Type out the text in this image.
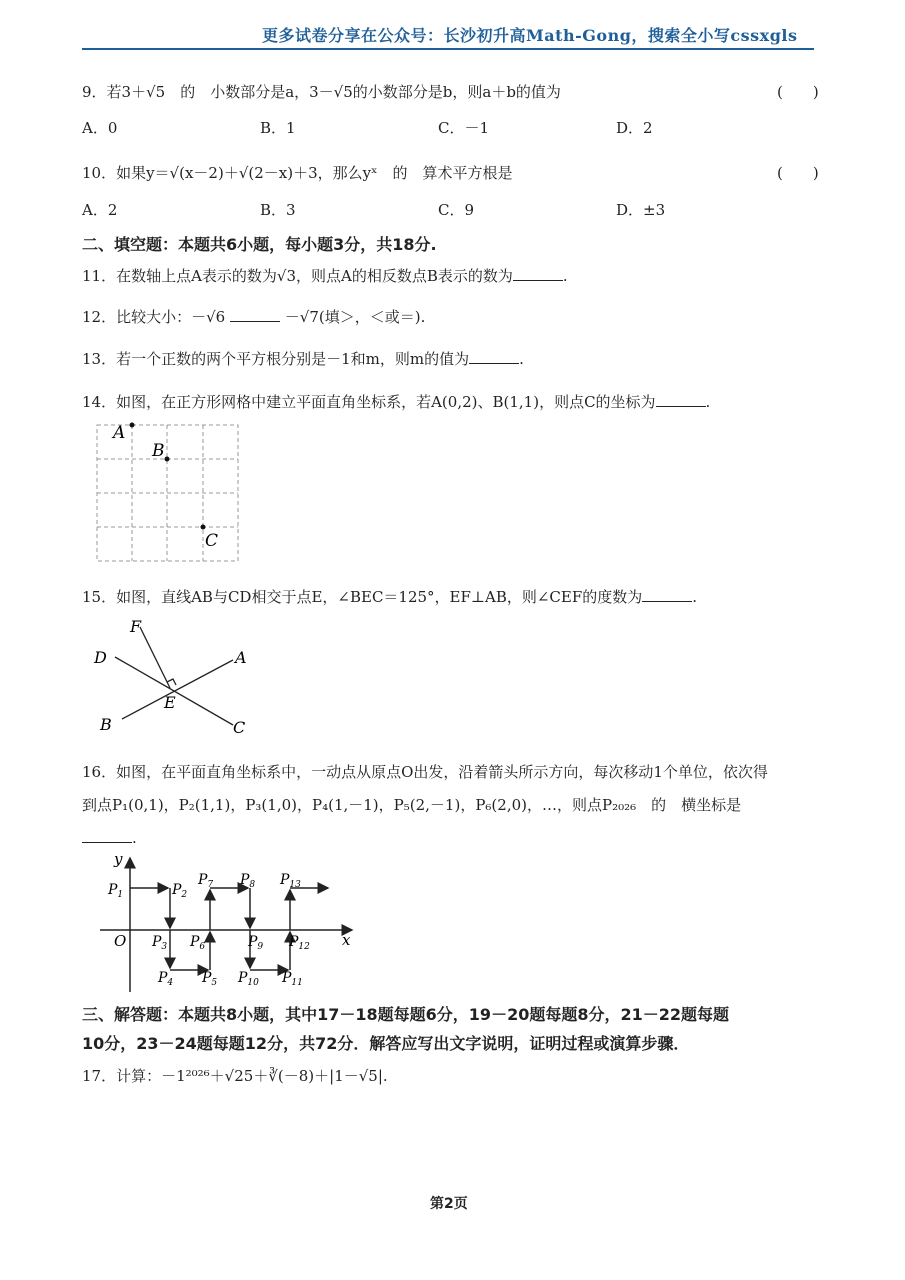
更多试卷分享在公众号：长沙初升高Math-Gong，搜索全小写cssxgls
9．若3＋√5　的　小数部分是a，3－√5的小数部分是b，则a＋b的值为	(　　)
A．0	B．1	C．－1	D．2
10．如果y＝√(x－2)＋√(2－x)＋3，那么yˣ　的　算术平方根是	(　　)
A．2	B．3	C．9	D．±3
二、填空题：本题共6小题，每小题3分，共18分.
11．在数轴上点A表示的数为√3，则点A的相反数点B表示的数为	.
12．比较大小：－√6	－√7(填＞，＜或＝).
13．若一个正数的两个平方根分别是－1和m，则m的值为	.
14．如图，在正方形网格中建立平面直角坐标系，若A(0,2)、B(1,1)，则点C的坐标为	.
A
B
C
15．如图，直线AB与CD相交于点E，∠BEC＝125°，EF⊥AB，则∠CEF的度数为	.
F
D	A
E
B	C
16．如图，在平面直角坐标系中，一动点从原点O出发，沿着箭头所示方向，每次移动1个单位，依次得
到点P₁(0,1)，P₂(1,1)，P₃(1,0)，P₄(1,－1)，P₅(2,－1)，P₆(2,0)，…，则点P₂₀₂₆　的　横坐标是
.
y
x
O
$P_1$	$P_2$
$P_3$
$P_4$ $P_5$
$P_6$
$P_7$ $P_8$
$P_9$
$P_{10}$ $P_{11}$
$P_{12}$
$P_{13}$
三、解答题：本题共8小题，其中17－18题每题6分，19－20题每题8分，21－22题每题
10分，23－24题每题12分，共72分．解答应写出文字说明，证明过程或演算步骤．
17．计算：－1²⁰²⁶＋√25＋∛(－8)＋|1－√5|.
第2页
